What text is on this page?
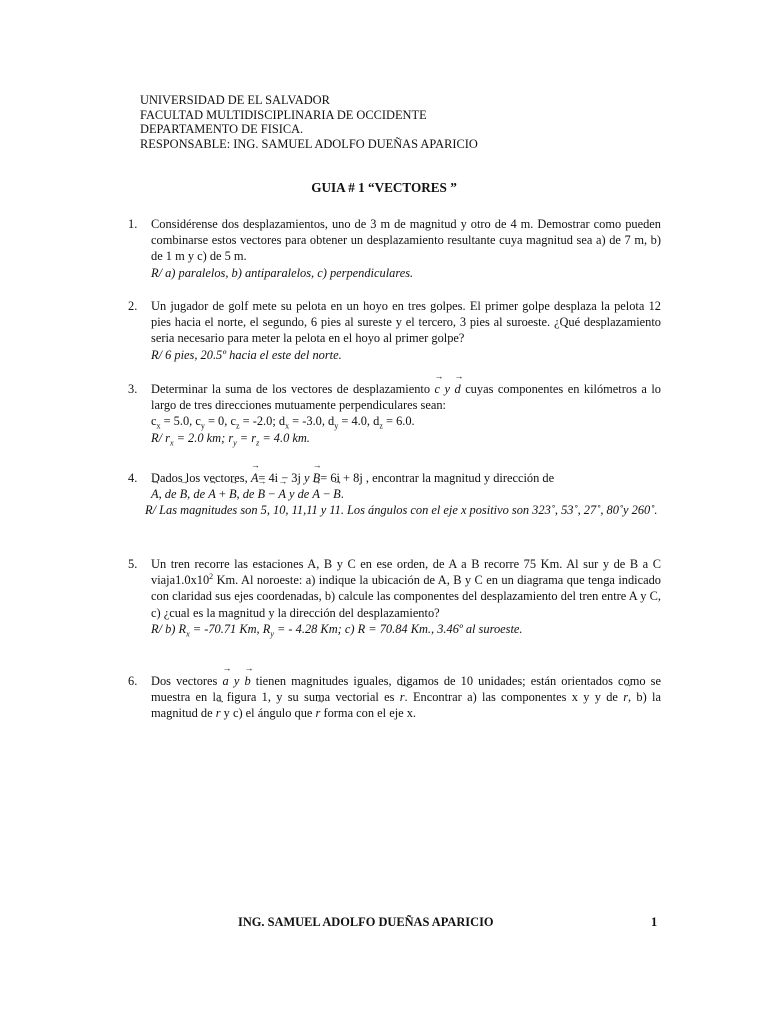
UNIVERSIDAD DE EL SALVADOR
FACULTAD MULTIDISCIPLINARIA DE OCCIDENTE
DEPARTAMENTO DE FISICA.
RESPONSABLE: ING. SAMUEL ADOLFO DUEÑAS APARICIO
GUIA # 1 “VECTORES ”
1. Considérense dos desplazamientos, uno de 3 m de magnitud y otro de 4 m. Demostrar como pueden combinarse estos vectores para obtener un desplazamiento resultante cuya magnitud sea a) de 7 m, b) de 1 m y c) de 5 m.
R/ a) paralelos, b) antiparalelos, c) perpendiculares.
2. Un jugador de golf mete su pelota en un hoyo en tres golpes. El primer golpe desplaza la pelota 12 pies hacia el norte, el segundo, 6 pies al sureste y el tercero, 3 pies al suroeste. ¿Qué desplazamiento seria necesario para meter la pelota en el hoyo al primer golpe?
R/ 6 pies, 20.5º hacia el este del norte.
3. Determinar la suma de los vectores de desplazamiento → c y → d cuyas componentes en kilómetros a lo largo de tres direcciones mutuamente perpendiculares sean:
$c_x = 5.0$, $c_y = 0$, $c_z = -2.0$; $d_x = -3.0$, $d_y = 4.0$, $d_z = 6.0$.
R/ $r_x = 2.0$ km; $r_y = r_z = 4.0$ km.
4. Dados los vectores, → A= 4i − 3j y → B= 6i + 8j , encontrar la magnitud y dirección de
→ A, de → B, de → A + → B, de → B − → A y de → A − → B.

R/ Las magnitudes son 5, 10, 11,11 y 11. Los ángulos con el eje x positivo son 323˚, 53˚, 27˚, 80˚y 260˚.
5. Un tren recorre las estaciones A, B y C en ese orden, de A a B recorre 75 Km. Al sur y de B a C $viaja1.0x10^2$ Km. Al noroeste: a) indique la ubicación de A, B y C en un diagrama que tenga indicado con claridad sus ejes coordenadas, b) calcule las componentes del desplazamiento del tren entre A y C, c) ¿cual es la magnitud y la dirección del desplazamiento?
R/ b) $R_x = -70.71$ Km, $R_y$ = - 4.28 Km; c) R = 70.84 Km., 3.46º al suroeste.
6. Dos vectores → a y → b tienen magnitudes iguales, digamos de 10 unidades; están orientados como se muestra en la figura 1, y su suma vectorial es → r. Encontrar a) las componentes x y y de → r, b) la magnitud de → r y c) el ángulo que → r forma con el eje x.
ING. SAMUEL ADOLFO DUEÑAS APARICIO	1
